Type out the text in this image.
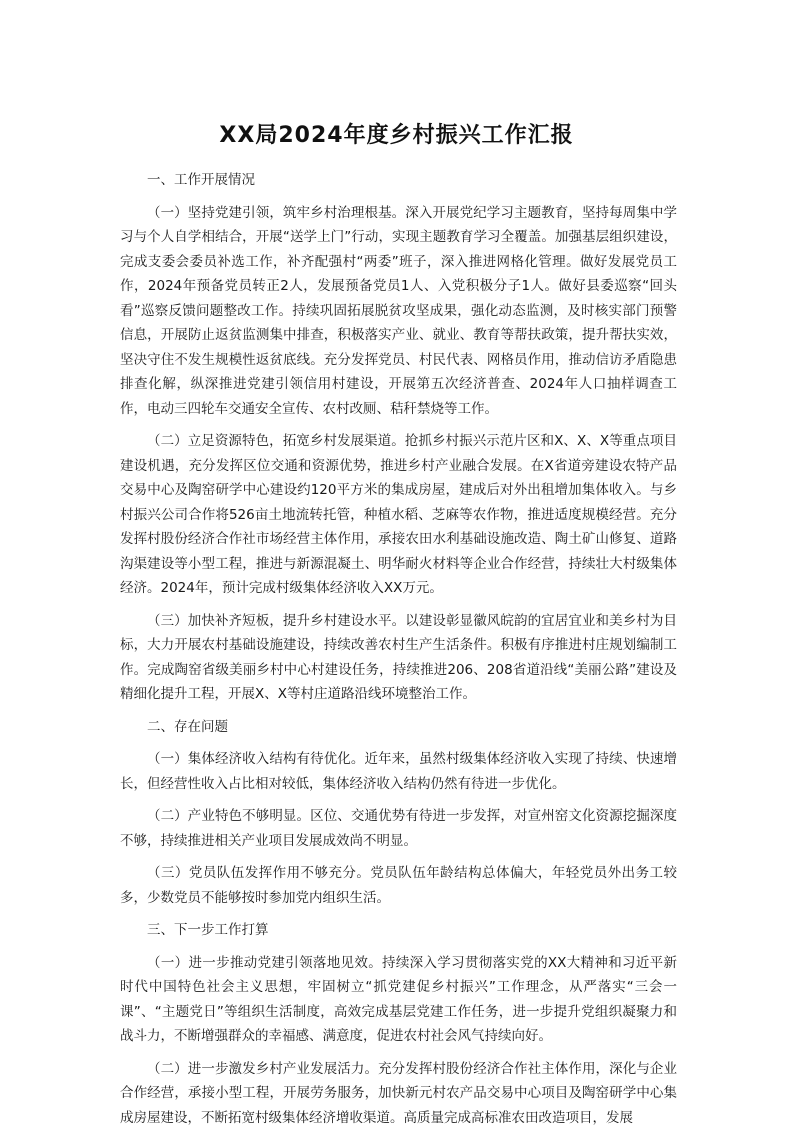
XX局2024年度乡村振兴工作汇报
一、工作开展情况

（一）坚持党建引领，筑牢乡村治理根基。深入开展党纪学习主题教育，坚持每周集中学习与个人自学相结合，开展“送学上门”行动，实现主题教育学习全覆盖。加强基层组织建设，完成支委会委员补选工作，补齐配强村“两委”班子，深入推进网格化管理。做好发展党员工作，2024年预备党员转正2人，发展预备党员1人、入党积极分子1人。做好县委巡察“回头看”巡察反馈问题整改工作。持续巩固拓展脱贫攻坚成果，强化动态监测，及时核实部门预警信息，开展防止返贫监测集中排查，积极落实产业、就业、教育等帮扶政策，提升帮扶实效，坚决守住不发生规模性返贫底线。充分发挥党员、村民代表、网格员作用，推动信访矛盾隐患排查化解，纵深推进党建引领信用村建设，开展第五次经济普查、2024年人口抽样调查工作，电动三四轮车交通安全宣传、农村改厕、秸秆禁烧等工作。

（二）立足资源特色，拓宽乡村发展渠道。抢抓乡村振兴示范片区和X、X、X等重点项目建设机遇，充分发挥区位交通和资源优势，推进乡村产业融合发展。在X省道旁建设农特产品交易中心及陶窑研学中心建设约120平方米的集成房屋，建成后对外出租增加集体收入。与乡村振兴公司合作将526亩土地流转托管，种植水稻、芝麻等农作物，推进适度规模经营。充分发挥村股份经济合作社市场经营主体作用，承接农田水利基础设施改造、陶土矿山修复、道路沟渠建设等小型工程，推进与新源混凝土、明华耐火材料等企业合作经营，持续壮大村级集体经济。2024年，预计完成村级集体经济收入XX万元。

（三）加快补齐短板，提升乡村建设水平。以建设彰显徽风皖韵的宜居宜业和美乡村为目标，大力开展农村基础设施建设，持续改善农村生产生活条件。积极有序推进村庄规划编制工作。完成陶窑省级美丽乡村中心村建设任务，持续推进206、208省道沿线“美丽公路”建设及精细化提升工程，开展X、X等村庄道路沿线环境整治工作。

二、存在问题

（一）集体经济收入结构有待优化。近年来，虽然村级集体经济收入实现了持续、快速增长，但经营性收入占比相对较低，集体经济收入结构仍然有待进一步优化。

（二）产业特色不够明显。区位、交通优势有待进一步发挥，对宣州窑文化资源挖掘深度不够，持续推进相关产业项目发展成效尚不明显。

（三）党员队伍发挥作用不够充分。党员队伍年龄结构总体偏大，年轻党员外出务工较多，少数党员不能够按时参加党内组织生活。

三、下一步工作打算

（一）进一步推动党建引领落地见效。持续深入学习贯彻落实党的XX大精神和习近平新时代中国特色社会主义思想，牢固树立“抓党建促乡村振兴”工作理念，从严落实“三会一课”、“主题党日”等组织生活制度，高效完成基层党建工作任务，进一步提升党组织凝聚力和战斗力，不断增强群众的幸福感、满意度，促进农村社会风气持续向好。

（二）进一步激发乡村产业发展活力。充分发挥村股份经济合作社主体作用，深化与企业合作经营，承接小型工程，开展劳务服务，加快新元村农产品交易中心项目及陶窑研学中心集成房屋建设，不断拓宽村级集体经济增收渠道。高质量完成高标准农田改造项目，发展
